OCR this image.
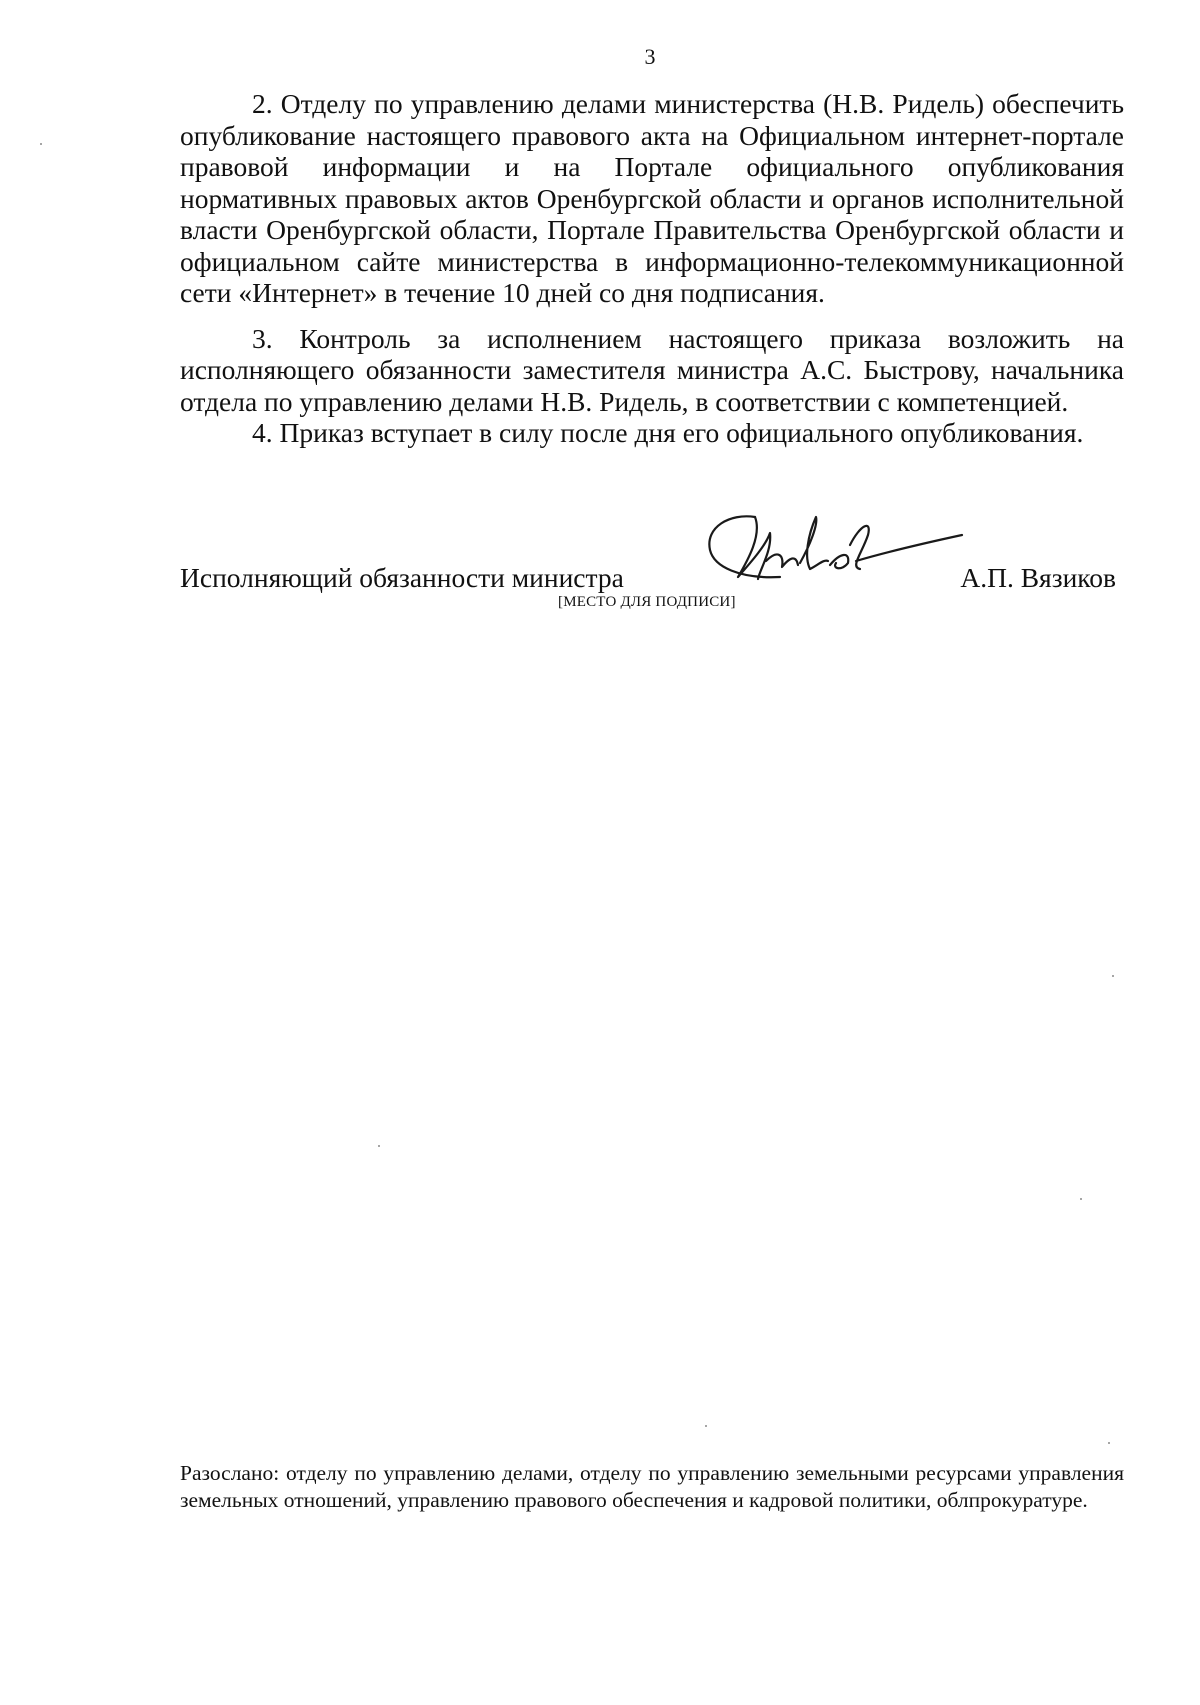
3

2. Отделу по управлению делами министерства (Н.В. Ридель) обеспечить опубликование настоящего правового акта на Официальном интернет-портале правовой информации и на Портале официального опубликования нормативных правовых актов Оренбургской области и органов исполнительной власти Оренбургской области, Портале Правительства Оренбургской области и официальном сайте министерства в информационно-телекоммуникационной сети «Интернет» в течение 10 дней со дня подписания.

3. Контроль за исполнением настоящего приказа возложить на исполняющего обязанности заместителя министра А.С. Быстрову, начальника отдела по управлению делами Н.В. Ридель, в соответствии с компетенцией.

4. Приказ вступает в силу после дня его официального опубликования.

Исполняющий обязанности министра
[МЕСТО ДЛЯ ПОДПИСИ]
А.П. Вязиков

Разослано: отделу по управлению делами, отделу по управлению земельными ресурсами управления земельных отношений, управлению правового обеспечения и кадровой политики, облпрокуратуре.
